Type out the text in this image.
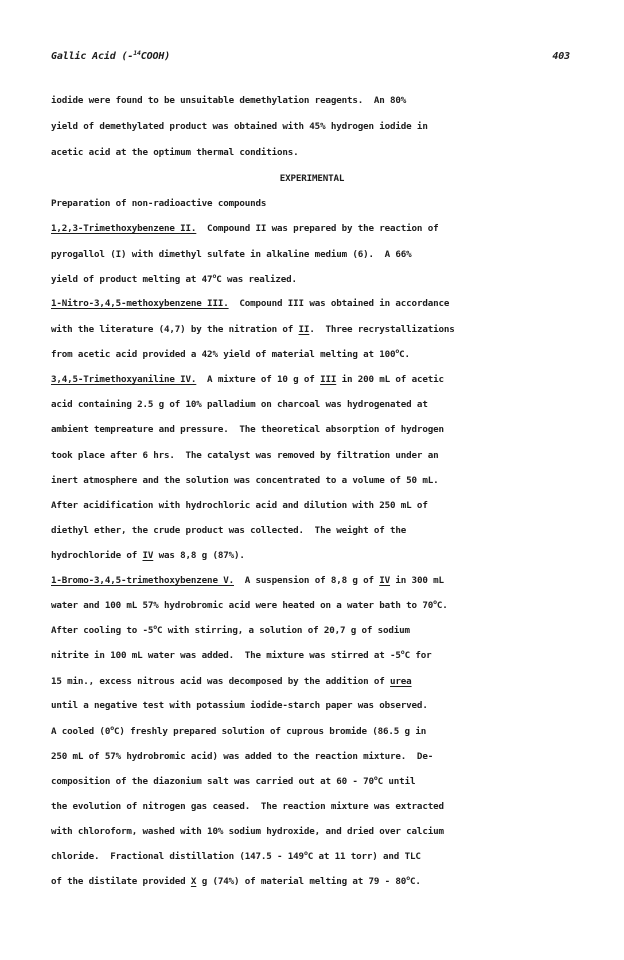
Gallic Acid (-$^{14}$COOH)	403
iodide were found to be unsuitable demethylation reagents.  An 80%
yield of demethylated product was obtained with 45% hydrogen iodide in
acetic acid at the optimum thermal conditions.
EXPERIMENTAL
Preparation of non-radioactive compounds
1,2,3-Trimethoxybenzene II.  Compound II was prepared by the reaction of
pyrogallol (I) with dimethyl sulfate in alkaline medium (6).  A 66%
yield of product melting at 47$^o$C was realized.
1-Nitro-3,4,5-methoxybenzene III.  Compound III was obtained in accordance
with the literature (4,7) by the nitration of II.  Three recrystallizations
from acetic acid provided a 42% yield of material melting at 100$^o$C.
3,4,5-Trimethoxyaniline IV.  A mixture of 10 g of III in 200 mL of acetic
acid containing 2.5 g of 10% palladium on charcoal was hydrogenated at
ambient tempreature and pressure.  The theoretical absorption of hydrogen
took place after 6 hrs.  The catalyst was removed by filtration under an
inert atmosphere and the solution was concentrated to a volume of 50 mL.
After acidification with hydrochloric acid and dilution with 250 mL of
diethyl ether, the crude product was collected.  The weight of the
hydrochloride of IV was 8,8 g (87%).
1-Bromo-3,4,5-trimethoxybenzene V.  A suspension of 8,8 g of IV in 300 mL
water and 100 mL 57% hydrobromic acid were heated on a water bath to 70$^o$C.
After cooling to -5$^o$C with stirring, a solution of 20,7 g of sodium
nitrite in 100 mL water was added.  The mixture was stirred at -5$^o$C for
15 min., excess nitrous acid was decomposed by the addition of urea
until a negative test with potassium iodide-starch paper was observed.
A cooled (0$^o$C) freshly prepared solution of cuprous bromide (86.5 g in
250 mL of 57% hydrobromic acid) was added to the reaction mixture.  De-
composition of the diazonium salt was carried out at 60 - 70$^o$C until
the evolution of nitrogen gas ceased.  The reaction mixture was extracted
with chloroform, washed with 10% sodium hydroxide, and dried over calcium
chloride.  Fractional distillation (147.5 - 149$^o$C at 11 torr) and TLC
of the distilate provided X g (74%) of material melting at 79 - 80$^o$C.
